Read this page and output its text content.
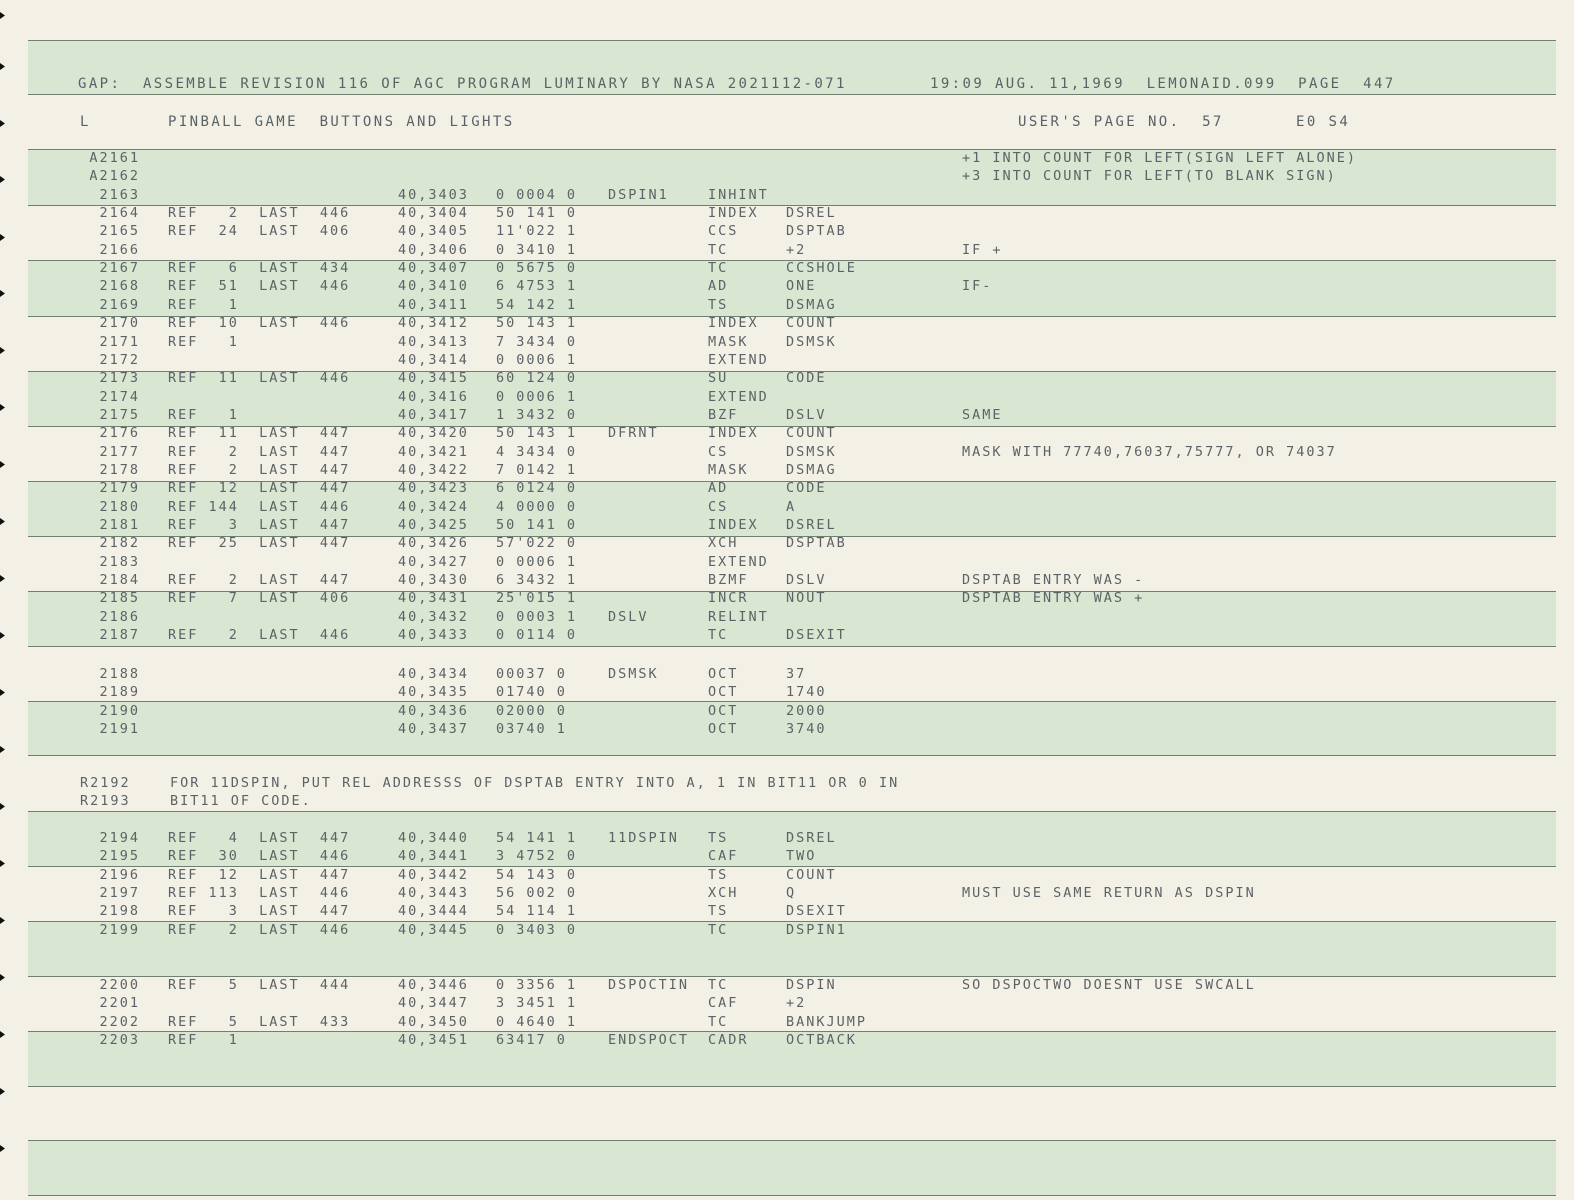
GAP:  ASSEMBLE REVISION 116 OF AGC PROGRAM LUMINARY BY NASA 2021112-071	19:09 AUG. 11,1969  LEMONAID.099  PAGE  447
L	PINBALL GAME  BUTTONS AND LIGHTS	USER'S PAGE NO.  57	E0 S4
A2161	+1 INTO COUNT FOR LEFT(SIGN LEFT ALONE)
A2162	+3 INTO COUNT FOR LEFT(TO BLANK SIGN)
2163	40,3403 0 0004 0 DSPIN1	INHINT
2164 REF   2  LAST  446	40,3404 50 141 0	INDEX DSREL
2165 REF  24  LAST  406	40,3405 11'022 1	CCS	DSPTAB
2166	40,3406 0 3410 1	TC	+2	IF +
2167 REF   6  LAST  434	40,3407 0 5675 0	TC	CCSHOLE
2168 REF  51  LAST  446	40,3410 6 4753 1	AD	ONE	IF-
2169 REF   1	40,3411 54 142 1	TS	DSMAG
2170 REF  10  LAST  446	40,3412 50 143 1	INDEX COUNT
2171 REF   1	40,3413 7 3434 0	MASK	DSMSK
2172	40,3414 0 0006 1	EXTEND
2173 REF  11  LAST  446	40,3415 60 124 0	SU	CODE
2174	40,3416 0 0006 1	EXTEND
2175 REF   1	40,3417 1 3432 0	BZF	DSLV	SAME
2176 REF  11  LAST  447	40,3420 50 143 1 DFRNT	INDEX COUNT
2177 REF   2  LAST  447	40,3421 4 3434 0	CS	DSMSK	MASK WITH 77740,76037,75777, OR 74037
2178 REF   2  LAST  447	40,3422 7 0142 1	MASK	DSMAG
2179 REF  12  LAST  447	40,3423 6 0124 0	AD	CODE
2180 REF 144  LAST  446	40,3424 4 0000 0	CS	A
2181 REF   3  LAST  447	40,3425 50 141 0	INDEX DSREL
2182 REF  25  LAST  447	40,3426 57'022 0	XCH	DSPTAB
2183	40,3427 0 0006 1	EXTEND
2184 REF   2  LAST  447	40,3430 6 3432 1	BZMF	DSLV	DSPTAB ENTRY WAS -
2185 REF   7  LAST  406	40,3431 25'015 1	INCR	NOUT	DSPTAB ENTRY WAS +
2186	40,3432 0 0003 1 DSLV	RELINT
2187 REF   2  LAST  446	40,3433 0 0114 0	TC	DSEXIT
2188	40,3434 00037 0	DSMSK	OCT	37
2189	40,3435 01740 0	OCT	1740
2190	40,3436 02000 0	OCT	2000
2191	40,3437 03740 1	OCT	3740
R2192	FOR 11DSPIN, PUT REL ADDRESSS OF DSPTAB ENTRY INTO A, 1 IN BIT11 OR 0 IN
R2193	BIT11 OF CODE.
2194 REF   4  LAST  447	40,3440 54 141 1 11DSPIN TS	DSREL
2195 REF  30  LAST  446	40,3441 3 4752 0	CAF	TWO
2196 REF  12  LAST  447	40,3442 54 143 0	TS	COUNT
2197 REF 113  LAST  446	40,3443 56 002 0	XCH	Q	MUST USE SAME RETURN AS DSPIN
2198 REF   3  LAST  447	40,3444 54 114 1	TS	DSEXIT
2199 REF   2  LAST  446	40,3445 0 3403 0	TC	DSPIN1
2200 REF   5  LAST  444	40,3446 0 3356 1 DSPOCTIN TC	DSPIN	SO DSPOCTWO DOESNT USE SWCALL
2201	40,3447 3 3451 1	CAF	+2
2202 REF   5  LAST  433	40,3450 0 4640 1	TC	BANKJUMP
2203 REF   1	40,3451 63417 0	ENDSPOCT CADR	OCTBACK
